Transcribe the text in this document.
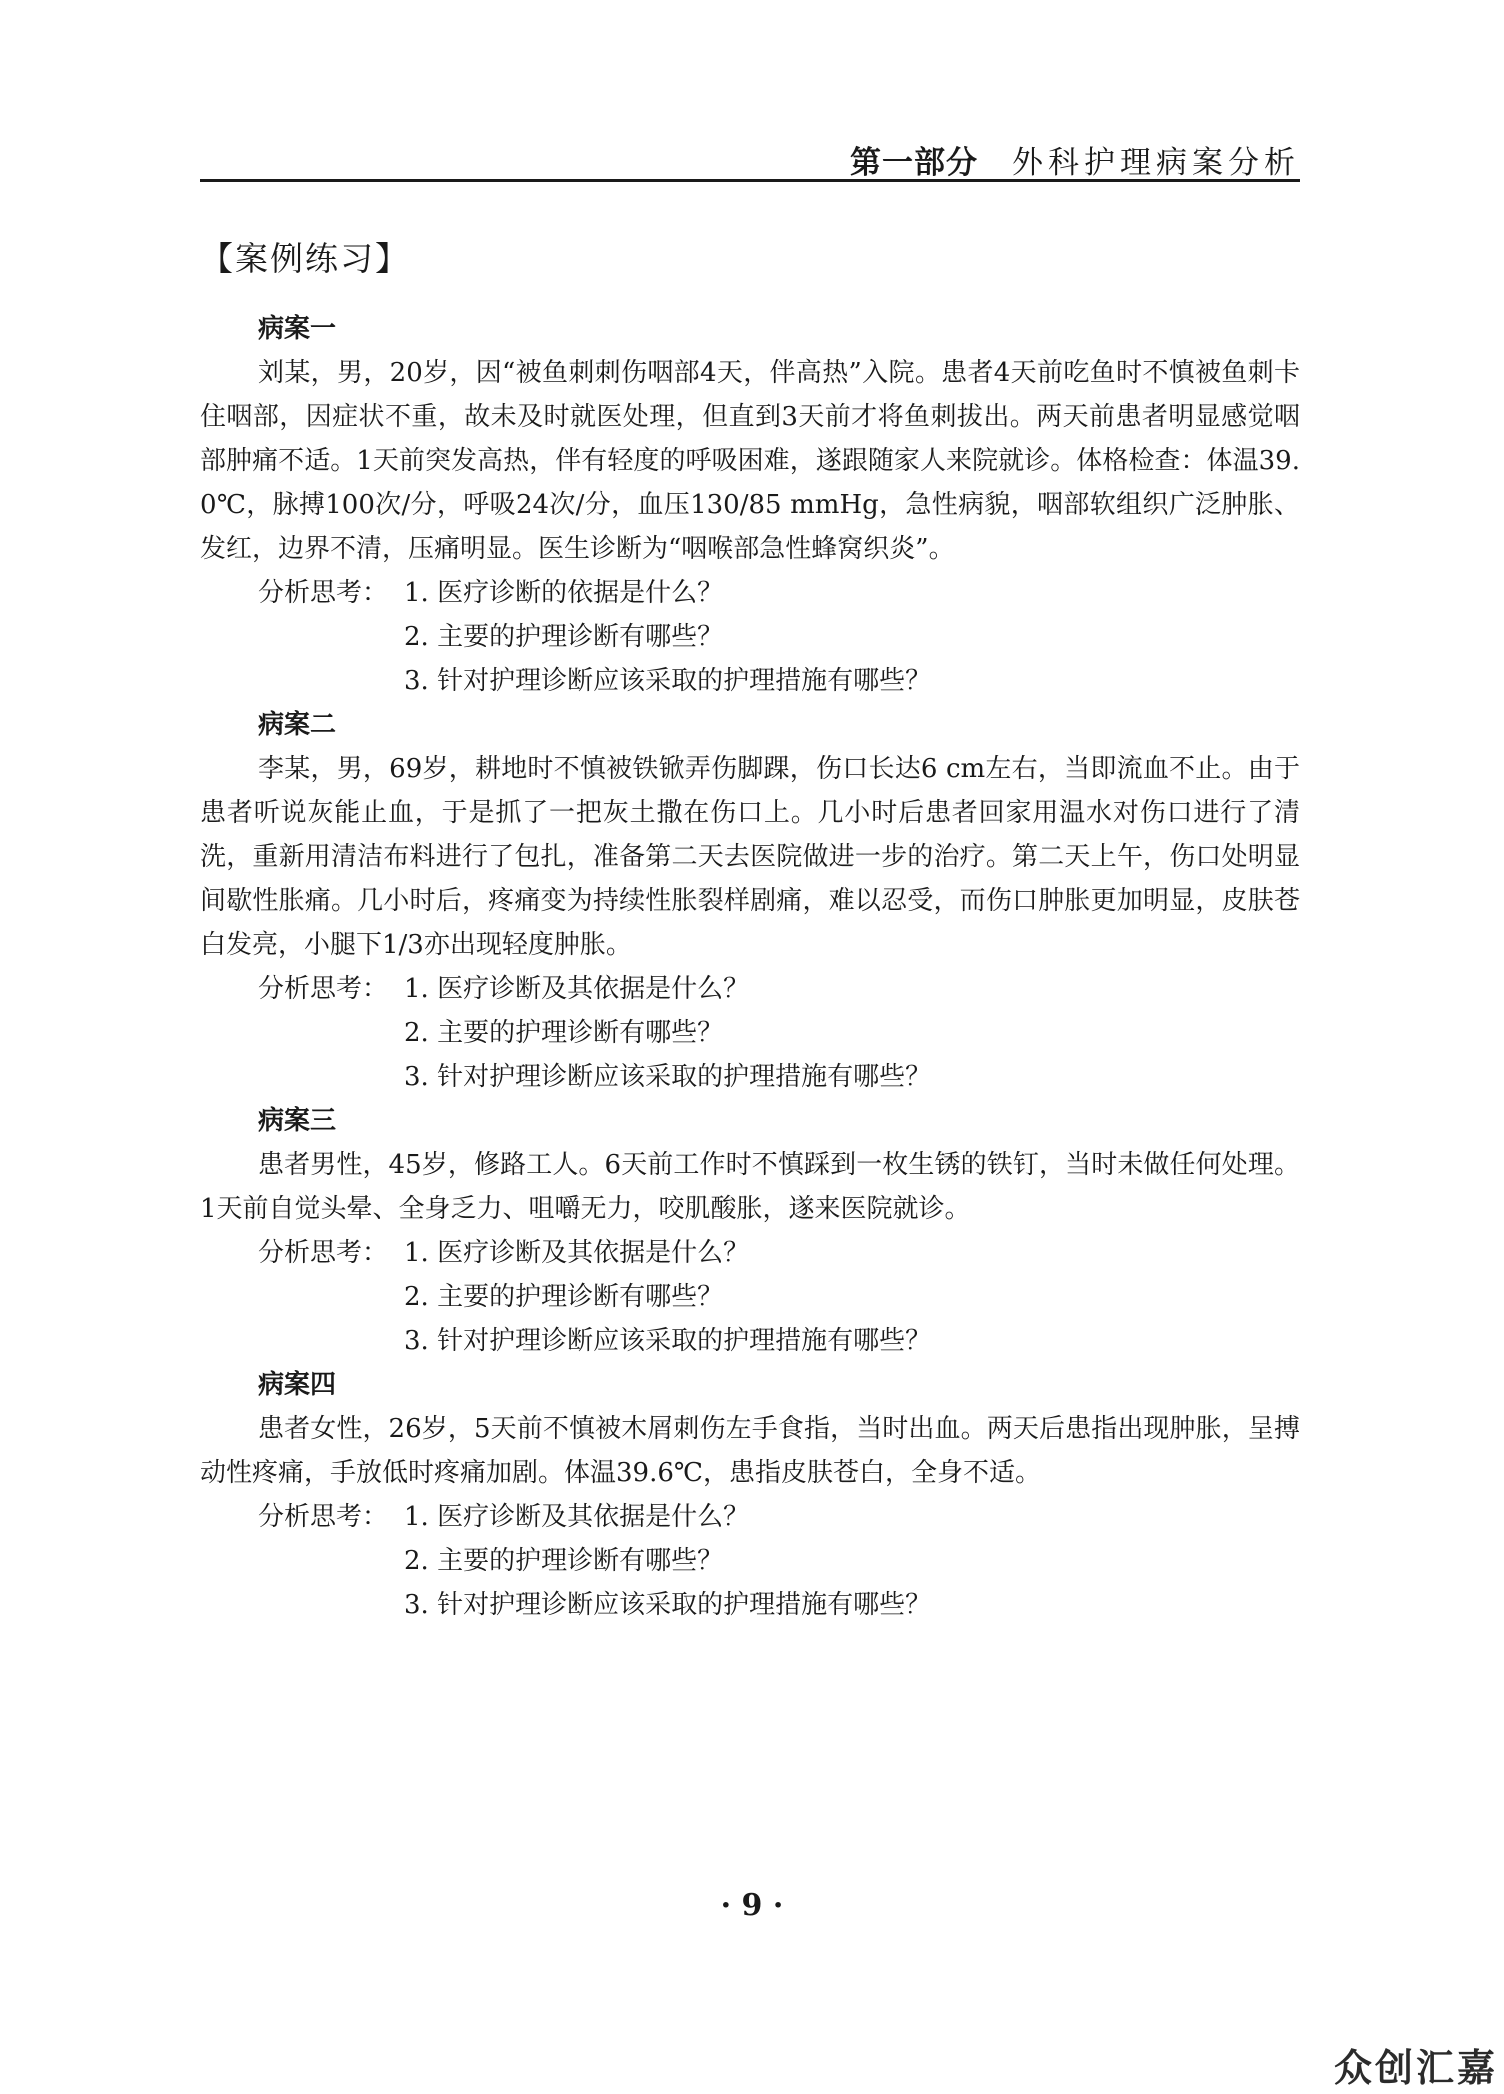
第一部分 外科护理病案分析
【案例练习】
病案一

刘某，男，20岁，因“被鱼刺刺伤咽部4天，伴高热”入院。患者4天前吃鱼时不慎被鱼刺卡住咽部，因症状不重，故未及时就医处理，但直到3天前才将鱼刺拔出。两天前患者明显感觉咽部肿痛不适。1天前突发高热，伴有轻度的呼吸困难，遂跟随家人来院就诊。体格检查：体温39.0℃，脉搏100次/分，呼吸24次/分，血压130/85 mmHg，急性病貌，咽部软组织广泛肿胀、发红，边界不清，压痛明显。医生诊断为“咽喉部急性蜂窝织炎”。

分析思考： 1. 医疗诊断的依据是什么？
2. 主要的护理诊断有哪些？
3. 针对护理诊断应该采取的护理措施有哪些？
病案二

李某，男，69岁，耕地时不慎被铁锨弄伤脚踝，伤口长达6 cm左右，当即流血不止。由于患者听说灰能止血，于是抓了一把灰土撒在伤口上。几小时后患者回家用温水对伤口进行了清洗，重新用清洁布料进行了包扎，准备第二天去医院做进一步的治疗。第二天上午，伤口处明显间歇性胀痛。几小时后，疼痛变为持续性胀裂样剧痛，难以忍受，而伤口肿胀更加明显，皮肤苍白发亮，小腿下1/3亦出现轻度肿胀。

分析思考： 1. 医疗诊断及其依据是什么？
2. 主要的护理诊断有哪些？
3. 针对护理诊断应该采取的护理措施有哪些？
病案三

患者男性，45岁，修路工人。6天前工作时不慎踩到一枚生锈的铁钉，当时未做任何处理。1天前自觉头晕、全身乏力、咀嚼无力，咬肌酸胀，遂来医院就诊。

分析思考： 1. 医疗诊断及其依据是什么？
2. 主要的护理诊断有哪些？
3. 针对护理诊断应该采取的护理措施有哪些？
病案四

患者女性，26岁，5天前不慎被木屑刺伤左手食指，当时出血。两天后患指出现肿胀，呈搏动性疼痛，手放低时疼痛加剧。体温39.6℃，患指皮肤苍白，全身不适。

分析思考： 1. 医疗诊断及其依据是什么？
2. 主要的护理诊断有哪些？
3. 针对护理诊断应该采取的护理措施有哪些？
· 9 ·
众创汇嘉
